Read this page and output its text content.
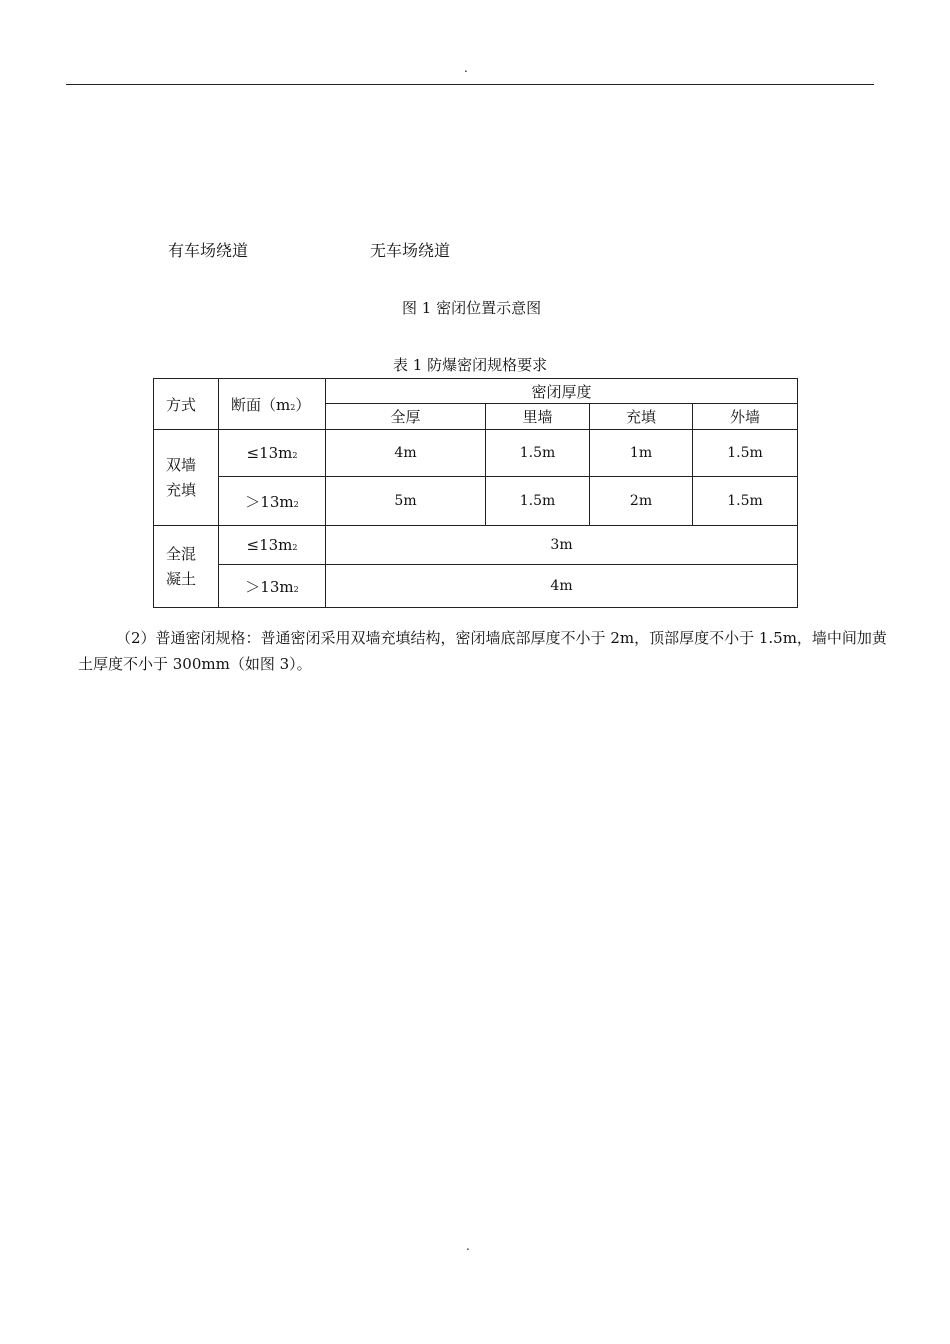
.
有车场绕道	无车场绕道
图 1 密闭位置示意图
表 1 防爆密闭规格要求
方式	断面（m2）	密闭厚度			
		全厚	里墙	充填	外墙
双墙
充填	≤13m2	4m	1.5m	1m	1.5m
	＞13m2	5m	1.5m	2m	1.5m
全混
凝土	≤13m2	3m			
	＞13m2	4m			
（2）普通密闭规格：普通密闭采用双墙充填结构，密闭墙底部厚度不小于 2m，顶部厚度不小于 1.5m，墙中间加黄土厚度不小于 300mm（如图 3）。
.
